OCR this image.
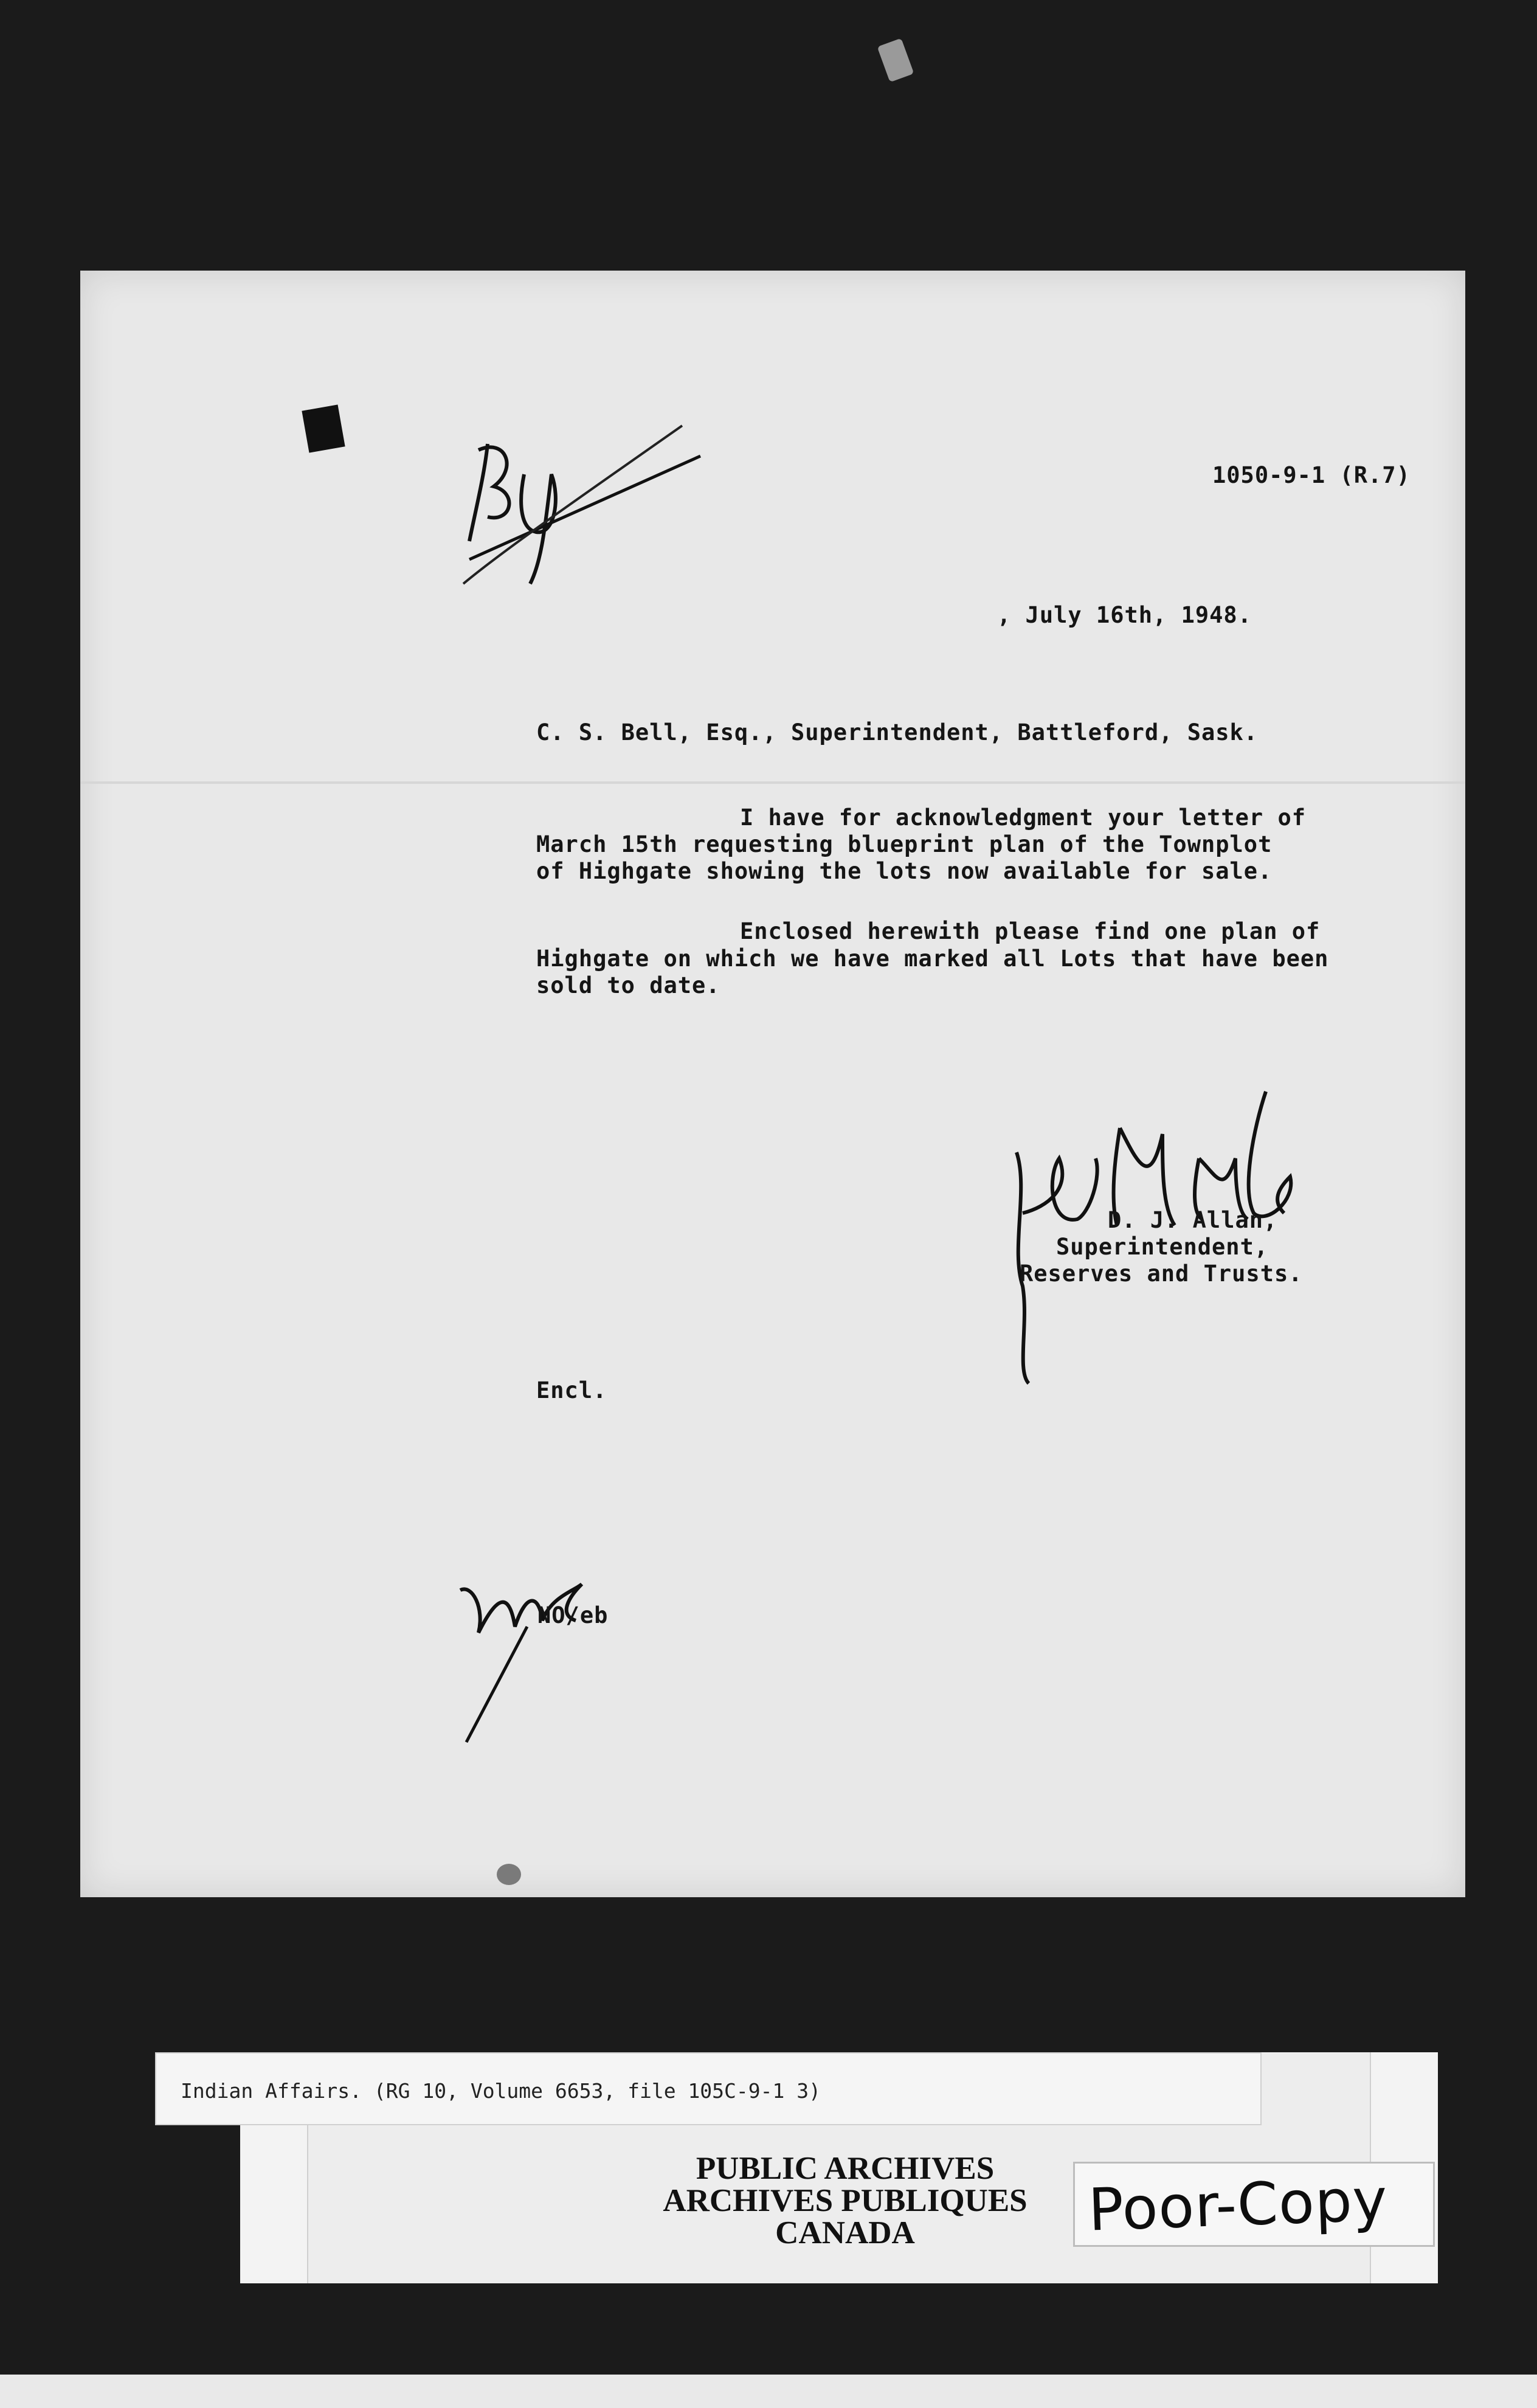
1050-9-1 (R.7)
, July 16th, 1948.
C. S. Bell, Esq., Superintendent, Battleford, Sask.
I have for acknowledgment your letter of
March 15th requesting blueprint plan of the Townplot
of Highgate showing the lots now available for sale.
Enclosed herewith please find one plan of
Highgate on which we have marked all Lots that have been
sold to date.
D. J. Allan,
Superintendent,
Reserves and Trusts.
Encl.
NO/eb
Indian Affairs. (RG 10, Volume 6653, file 105C-9-1 3)
PUBLIC ARCHIVES
ARCHIVES PUBLIQUES
CANADA	Poor-Copy
